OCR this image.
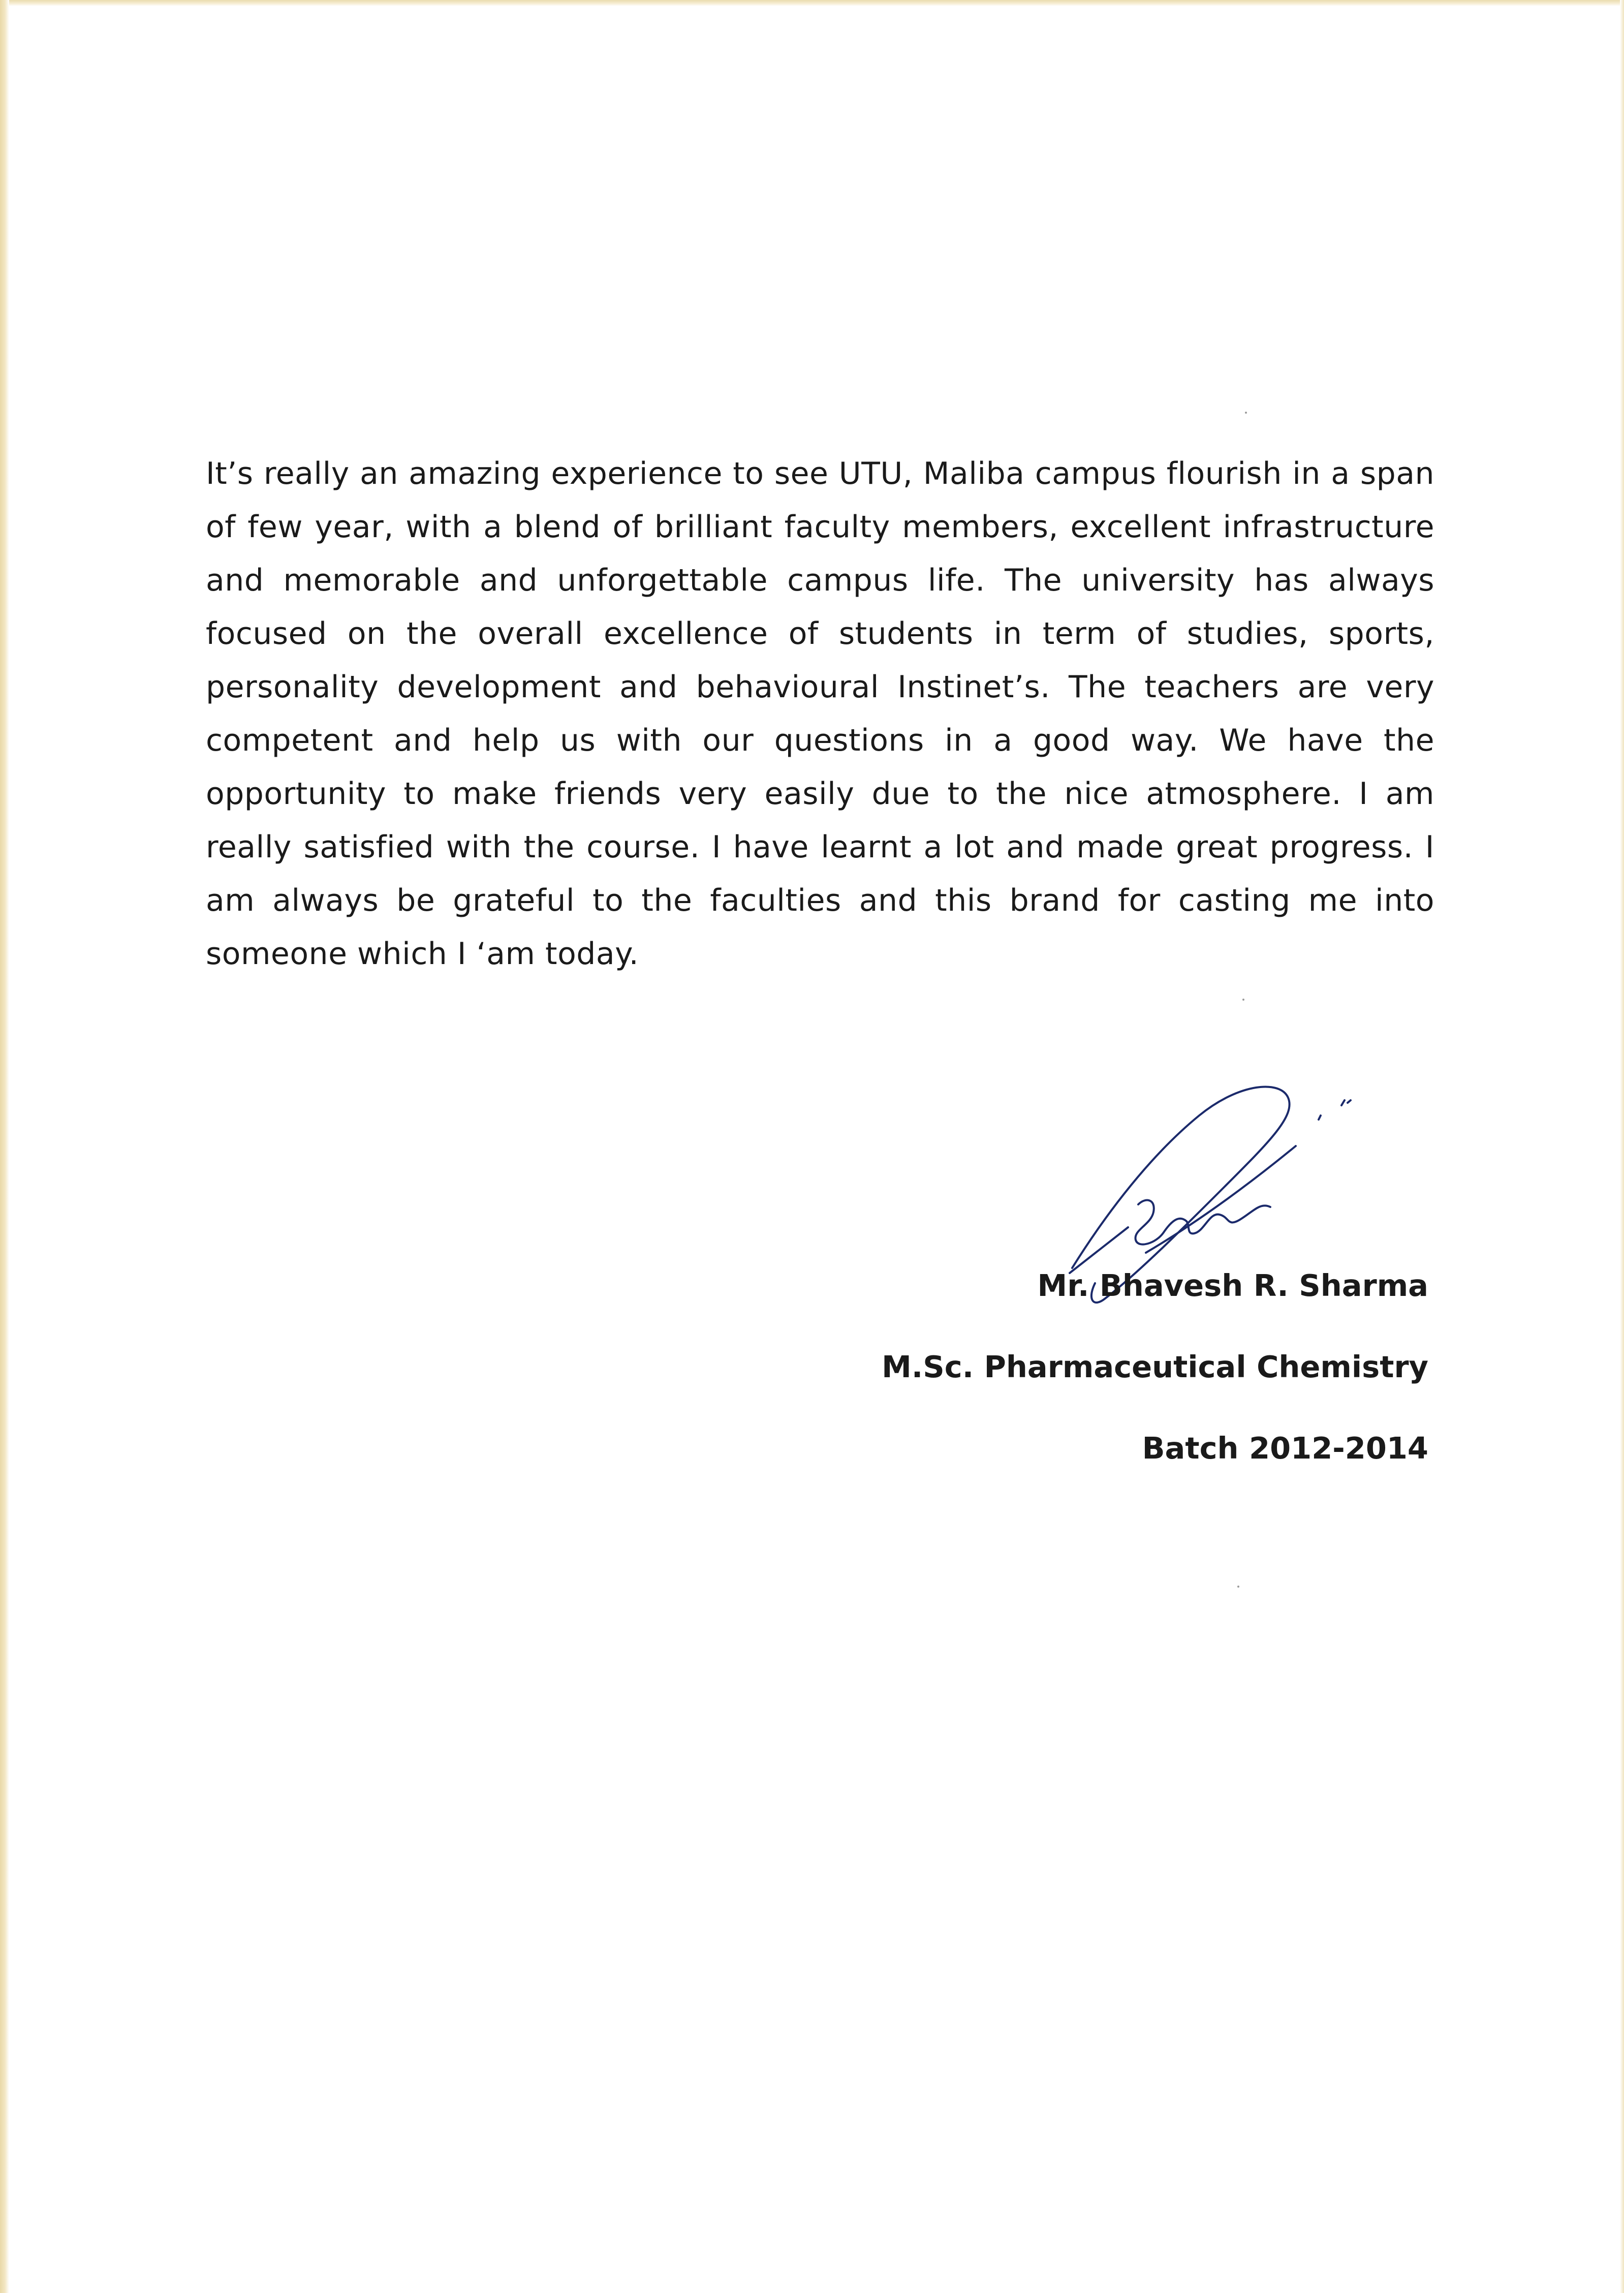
It’s really an amazing experience to see UTU, Maliba campus flourish in a span of few year, with a blend of brilliant faculty members, excellent infrastructure and memorable and unforgettable campus life. The university has always focused on the overall excellence of students in term of studies, sports, personality development and behavioural Instinet’s. The teachers are very competent and help us with our questions in a good way. We have the opportunity to make friends very easily due to the nice atmosphere. I am really satisfied with the course. I have learnt a lot and made great progress. I am always be grateful to the faculties and this brand for casting me into someone which I ‘am today.

Mr. Bhavesh R. Sharma
M.Sc. Pharmaceutical Chemistry
Batch 2012-2014
